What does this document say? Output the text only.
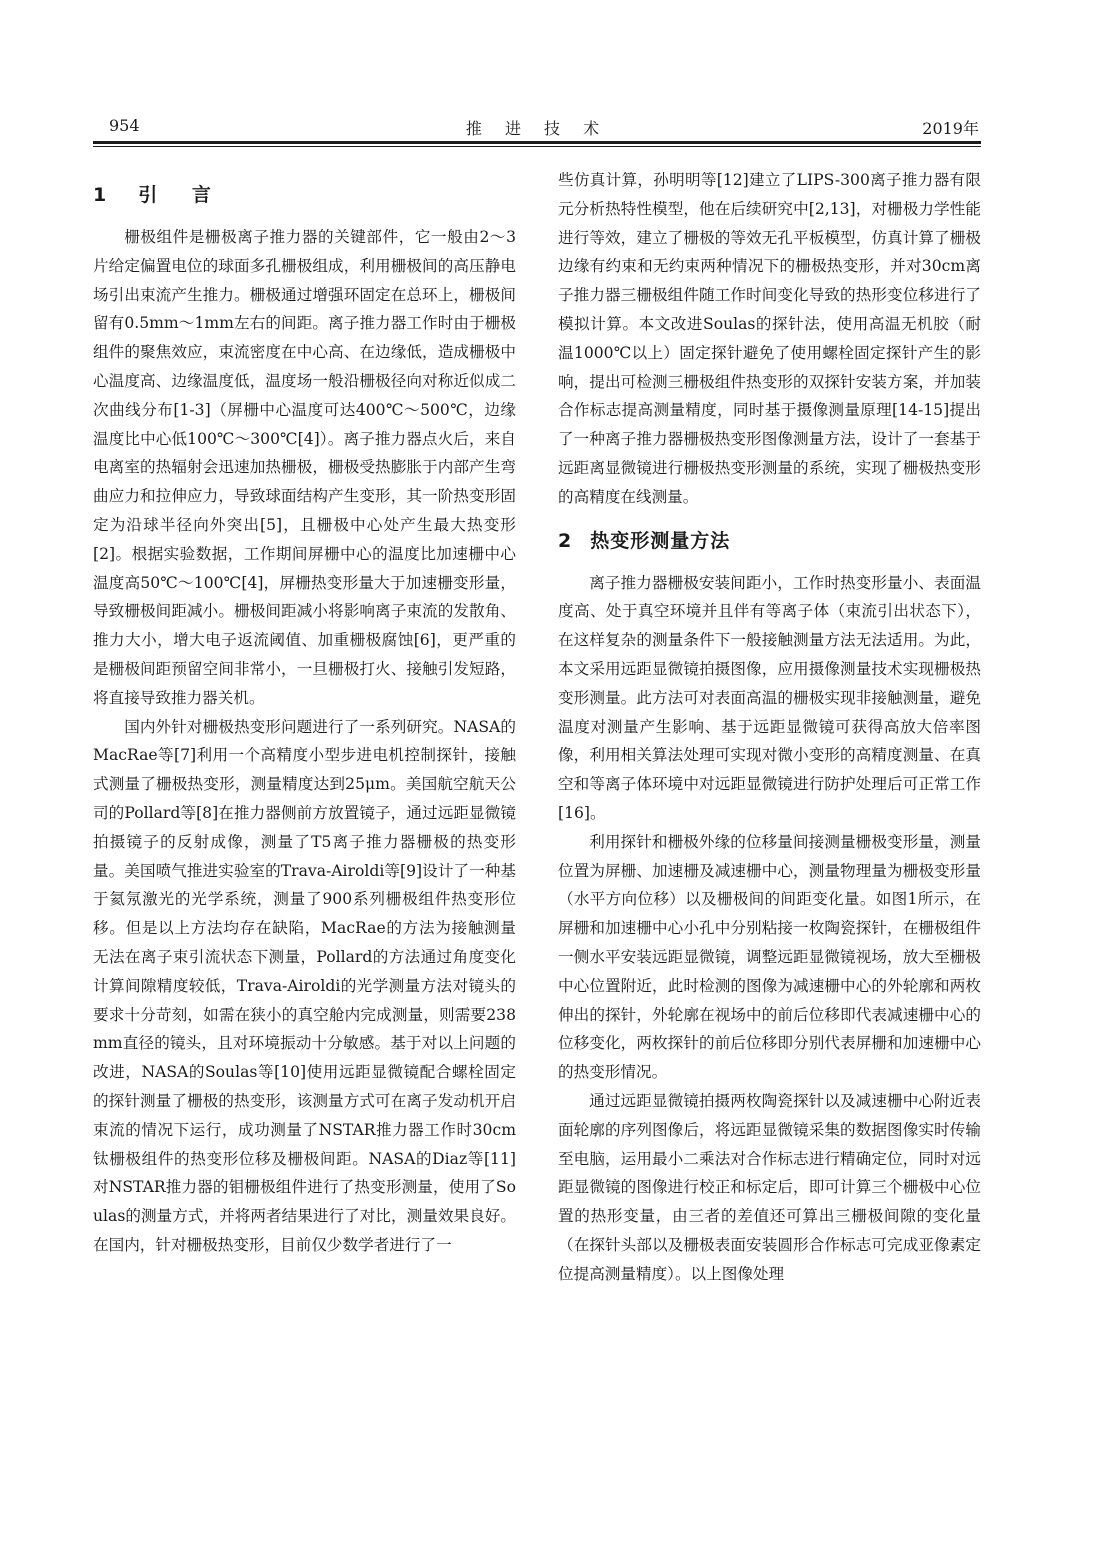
954	推 进 技 术	2019年
1 引 言

栅极组件是栅极离子推力器的关键部件，它一般由2～3片给定偏置电位的球面多孔栅极组成，利用栅极间的高压静电场引出束流产生推力。栅极通过增强环固定在总环上，栅极间留有0.5mm～1mm左右的间距。离子推力器工作时由于栅极组件的聚焦效应，束流密度在中心高、在边缘低，造成栅极中心温度高、边缘温度低，温度场一般沿栅极径向对称近似成二次曲线分布[1-3]（屏栅中心温度可达400℃～500℃，边缘温度比中心低100℃～300℃[4]）。离子推力器点火后，来自电离室的热辐射会迅速加热栅极，栅极受热膨胀于内部产生弯曲应力和拉伸应力，导致球面结构产生变形，其一阶热变形固定为沿球半径向外突出[5]，且栅极中心处产生最大热变形[2]。根据实验数据，工作期间屏栅中心的温度比加速栅中心温度高50℃～100℃[4]，屏栅热变形量大于加速栅变形量，导致栅极间距减小。栅极间距减小将影响离子束流的发散角、推力大小，增大电子返流阈值、加重栅极腐蚀[6]，更严重的是栅极间距预留空间非常小，一旦栅极打火、接触引发短路，将直接导致推力器关机。

国内外针对栅极热变形问题进行了一系列研究。NASA的MacRae等[7]利用一个高精度小型步进电机控制探针，接触式测量了栅极热变形，测量精度达到25μm。美国航空航天公司的Pollard等[8]在推力器侧前方放置镜子，通过远距显微镜拍摄镜子的反射成像，测量了T5离子推力器栅极的热变形量。美国喷气推进实验室的Trava-Airoldi等[9]设计了一种基于氦氖激光的光学系统，测量了900系列栅极组件热变形位移。但是以上方法均存在缺陷，MacRae的方法为接触测量无法在离子束引流状态下测量，Pollard的方法通过角度变化计算间隙精度较低，Trava-Airoldi的光学测量方法对镜头的要求十分苛刻，如需在狭小的真空舱内完成测量，则需要238mm直径的镜头，且对环境振动十分敏感。基于对以上问题的改进，NASA的Soulas等[10]使用远距显微镜配合螺栓固定的探针测量了栅极的热变形，该测量方式可在离子发动机开启束流的情况下运行，成功测量了NSTAR推力器工作时30cm钛栅极组件的热变形位移及栅极间距。NASA的Diaz等[11]对NSTAR推力器的钼栅极组件进行了热变形测量，使用了Soulas的测量方式，并将两者结果进行了对比，测量效果良好。在国内，针对栅极热变形，目前仅少数学者进行了一

些仿真计算，孙明明等[12]建立了LIPS-300离子推力器有限元分析热特性模型，他在后续研究中[2,13]，对栅极力学性能进行等效，建立了栅极的等效无孔平板模型，仿真计算了栅极边缘有约束和无约束两种情况下的栅极热变形，并对30cm离子推力器三栅极组件随工作时间变化导致的热形变位移进行了模拟计算。本文改进Soulas的探针法，使用高温无机胶（耐温1000℃以上）固定探针避免了使用螺栓固定探针产生的影响，提出可检测三栅极组件热变形的双探针安装方案，并加装合作标志提高测量精度，同时基于摄像测量原理[14-15]提出了一种离子推力器栅极热变形图像测量方法，设计了一套基于远距离显微镜进行栅极热变形测量的系统，实现了栅极热变形的高精度在线测量。

2 热变形测量方法

离子推力器栅极安装间距小，工作时热变形量小、表面温度高、处于真空环境并且伴有等离子体（束流引出状态下），在这样复杂的测量条件下一般接触测量方法无法适用。为此，本文采用远距显微镜拍摄图像，应用摄像测量技术实现栅极热变形测量。此方法可对表面高温的栅极实现非接触测量，避免温度对测量产生影响、基于远距显微镜可获得高放大倍率图像，利用相关算法处理可实现对微小变形的高精度测量、在真空和等离子体环境中对远距显微镜进行防护处理后可正常工作[16]。

利用探针和栅极外缘的位移量间接测量栅极变形量，测量位置为屏栅、加速栅及减速栅中心，测量物理量为栅极变形量（水平方向位移）以及栅极间的间距变化量。如图1所示，在屏栅和加速栅中心小孔中分别粘接一枚陶瓷探针，在栅极组件一侧水平安装远距显微镜，调整远距显微镜视场，放大至栅极中心位置附近，此时检测的图像为减速栅中心的外轮廓和两枚伸出的探针，外轮廓在视场中的前后位移即代表减速栅中心的位移变化，两枚探针的前后位移即分别代表屏栅和加速栅中心的热变形情况。

通过远距显微镜拍摄两枚陶瓷探针以及减速栅中心附近表面轮廓的序列图像后，将远距显微镜采集的数据图像实时传输至电脑，运用最小二乘法对合作标志进行精确定位，同时对远距显微镜的图像进行校正和标定后，即可计算三个栅极中心位置的热形变量，由三者的差值还可算出三栅极间隙的变化量（在探针头部以及栅极表面安装圆形合作标志可完成亚像素定位提高测量精度）。以上图像处理
